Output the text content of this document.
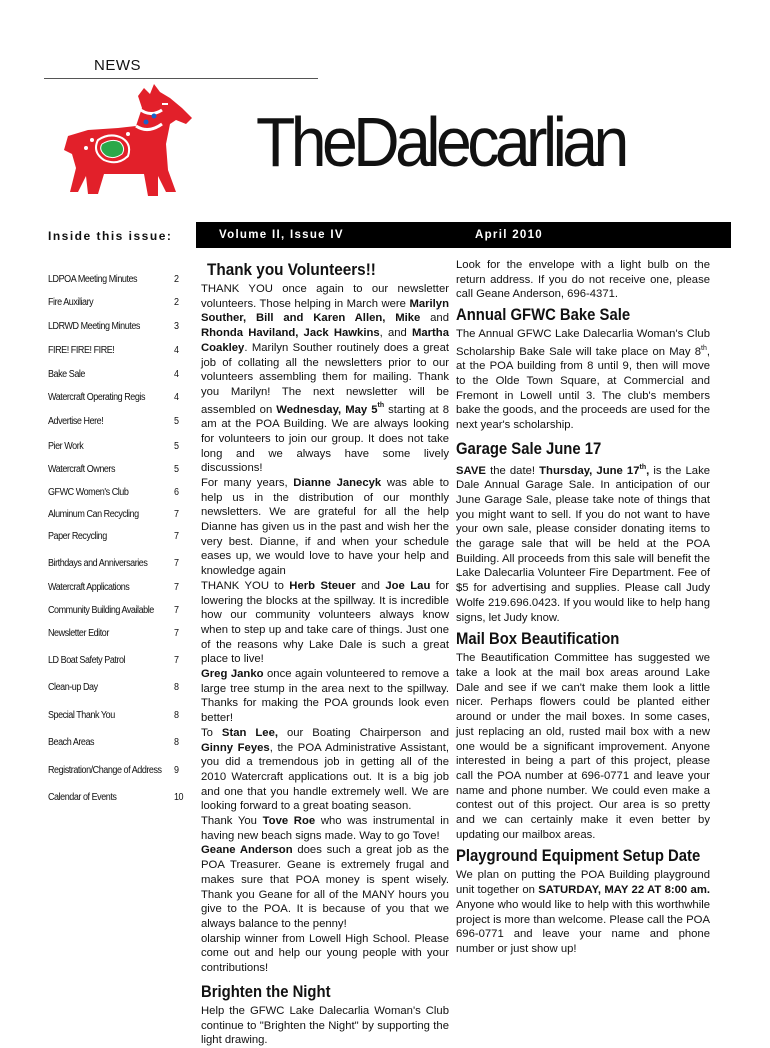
NEWS
TheDalecarlian
Inside this issue:	Volume II, Issue IV	April 2010
LDPOA Meeting Minutes	2
Fire Auxiliary	2
LDRWD Meeting Minutes	3
FIRE! FIRE! FIRE!	4
Bake Sale	4
Watercraft Operating Regis	4
Advertise Here!	5
Pier Work	5
Watercraft Owners	5
GFWC Women's Club	6
Aluminum Can Recycling	7
Paper Recycling	7
Birthdays and Anniversaries	7
Watercraft Applications	7
Community Building Available 7
Newsletter Editor	7
LD Boat Safety Patrol	7
Clean-up Day	8
Special Thank You	8
Beach Areas	8
Registration/Change of Address 9
Calendar of Events	10
Thank you Volunteers!!

THANK YOU once again to our newsletter volunteers. Those helping in March were Marilyn Souther, Bill and Karen Allen, Mike and Rhonda Haviland, Jack Hawkins, and Martha Coakley. Marilyn Souther routinely does a great job of collating all the newsletters prior to our volunteers assembling them for mailing. Thank you Marilyn! The next newsletter will be assembled on Wednesday, May 5th starting at 8 am at the POA Building. We are always looking for volunteers to join our group. It does not take long and we always have some lively discussions!

For many years, Dianne Janecyk was able to help us in the distribution of our monthly newsletters. We are grateful for all the help Dianne has given us in the past and wish her the very best. Dianne, if and when your schedule eases up, we would love to have your help and knowledge again

THANK YOU to Herb Steuer and Joe Lau for lowering the blocks at the spillway. It is incredible how our community volunteers always know when to step up and take care of things. Just one of the reasons why Lake Dale is such a great place to live!

Greg Janko once again volunteered to remove a large tree stump in the area next to the spillway. Thanks for making the POA grounds look even better!

To Stan Lee, our Boating Chairperson and Ginny Feyes, the POA Administrative Assistant, you did a tremendous job in getting all of the 2010 Watercraft applications out. It is a big job and one that you handle extremely well. We are looking forward to a great boating season.

Thank You Tove Roe who was instrumental in having new beach signs made. Way to go Tove!

Geane Anderson does such a great job as the POA Treasurer. Geane is extremely frugal and makes sure that POA money is spent wisely. Thank you Geane for all of the MANY hours you give to the POA. It is because of you that we always balance to the penny!

olarship winner from Lowell High School. Please come out and help our young people with your contributions!

Brighten the Night

Help the GFWC Lake Dalecarlia Woman's Club continue to "Brighten the Night" by supporting the light drawing.

Look for the envelope with a light bulb on the return address. If you do not receive one, please call Geane Anderson, 696-4371.

Annual GFWC Bake Sale

The Annual GFWC Lake Dalecarlia Woman's Club Scholarship Bake Sale will take place on May 8th, at the POA building from 8 until 9, then will move to the Olde Town Square, at Commercial and Fremont in Lowell until 3. The club's members bake the goods, and the proceeds are used for the next year's scholarship.

Garage Sale June 17

SAVE the date! Thursday, June 17th, is the Lake Dale Annual Garage Sale. In anticipation of our June Garage Sale, please take note of things that you might want to sell. If you do not want to have your own sale, please consider donating items to the garage sale that will be held at the POA Building. All proceeds from this sale will benefit the Lake Dalecarlia Volunteer Fire Department. Fee of $5 for advertising and supplies. Please call Judy Wolfe 219.696.0423. If you would like to help hang signs, let Judy know.

Mail Box Beautification

The Beautification Committee has suggested we take a look at the mail box areas around Lake Dale and see if we can't make them look a little nicer. Perhaps flowers could be planted either around or under the mail boxes. In some cases, just replacing an old, rusted mail box with a new one would be a significant improvement. Anyone interested in being a part of this project, please call the POA number at 696-0771 and leave your name and phone number. We could even make a contest out of this project. Our area is so pretty and we can certainly make it even better by updating our mailbox areas.

Playground Equipment Setup Date

We plan on putting the POA Building playground unit together on SATURDAY, MAY 22 AT 8:00 am. Anyone who would like to help with this worthwhile project is more than welcome. Please call the POA 696-0771 and leave your name and phone number or just show up!
